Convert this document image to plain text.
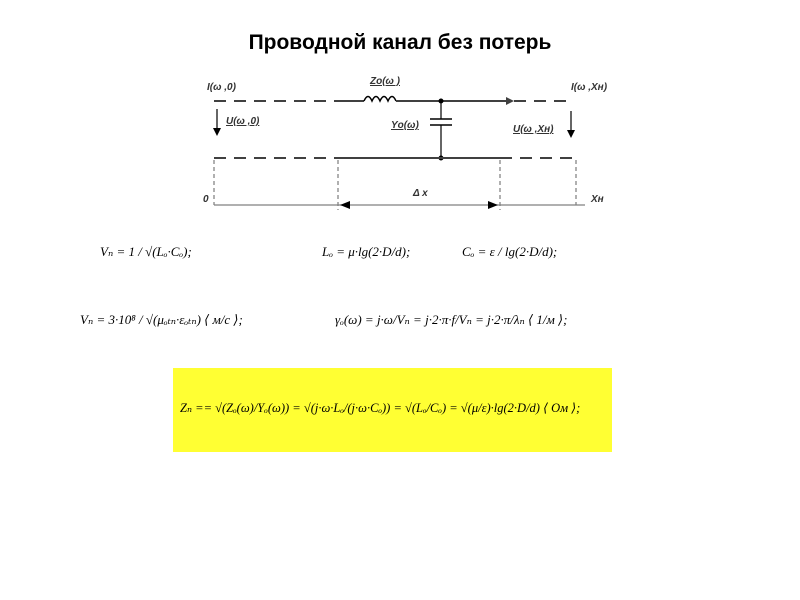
Проводной канал без потерь
I(ω ,0)	I(ω ,Xн)
Zо(ω )
Yо(ω)
U(ω ,0)
U(ω ,Xн)
0	Xн
Δ x
Vₙ = 1 / √(Lₒ·Cₒ);	Lₒ = μ·lg(2·D/d);	Cₒ = ε / lg(2·D/d);
Vₙ = 3·10⁸ / √(μₒₜₙ·εₒₜₙ) ⟨ м/с ⟩;	γₒ(ω) = j·ω/Vₙ = j·2·π·f/Vₙ = j·2·π/λₙ ⟨ 1/м ⟩;
Zₙ == √(Zₒ(ω)/Yₒ(ω)) = √(j·ω·Lₒ/(j·ω·Cₒ)) = √(Lₒ/Cₒ) = √(μ/ε)·lg(2·D/d) ⟨ Ом ⟩;
